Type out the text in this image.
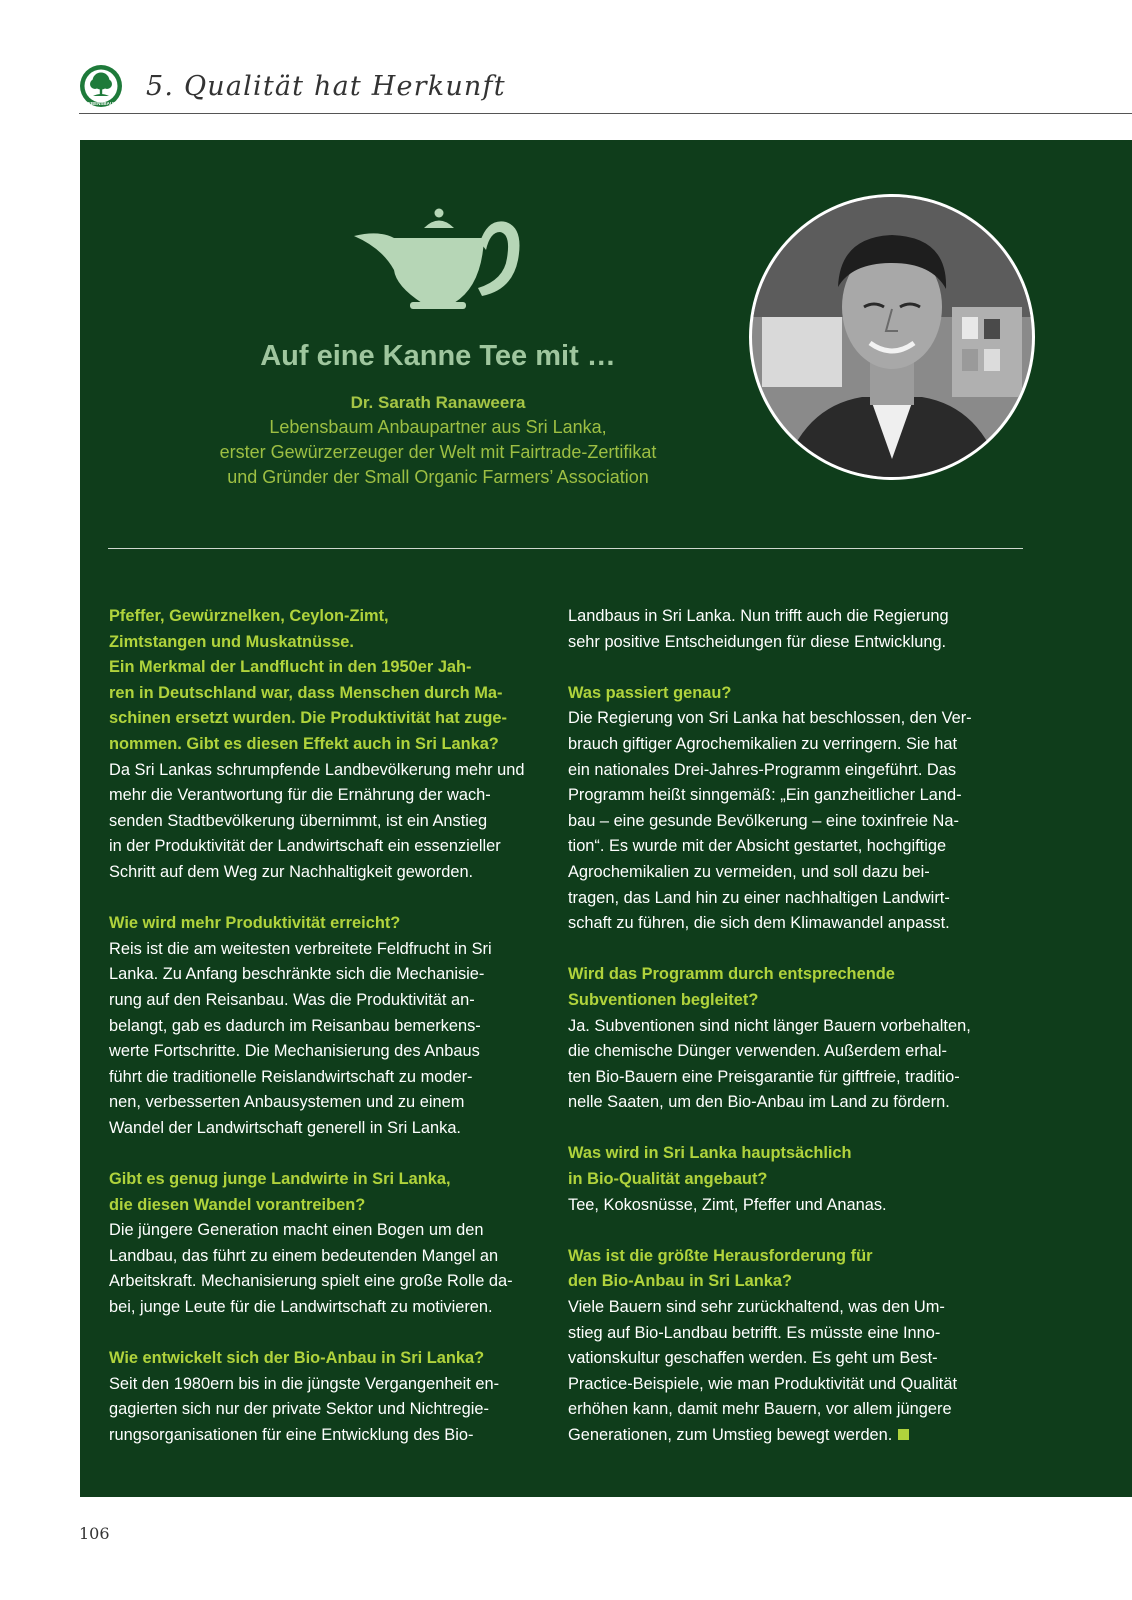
LEBENSBAUM
5. Qualität hat Herkunft
Auf eine Kanne Tee mit …
Dr. Sarath Ranaweera
Lebensbaum Anbaupartner aus Sri Lanka,
erster Gewürzerzeuger der Welt mit Fairtrade-Zertifikat
und Gründer der Small Organic Farmers’ Association

Pfeffer, Gewürznelken, Ceylon-Zimt,
Zimtstangen und Muskatnüsse.
Ein Merkmal der Landflucht in den 1950er Jah-
ren in Deutschland war, dass Menschen durch Ma-
schinen ersetzt wurden. Die Produktivität hat zuge-
nommen. Gibt es diesen Effekt auch in Sri Lanka?

Da Sri Lankas schrumpfende Landbevölkerung mehr und
mehr die Verantwortung für die Ernährung der wach-
senden Stadtbevölkerung übernimmt, ist ein Anstieg
in der Produktivität der Landwirtschaft ein essenzieller
Schritt auf dem Weg zur Nachhaltigkeit geworden.

Wie wird mehr Produktivität erreicht?

Reis ist die am weitesten verbreitete Feldfrucht in Sri
Lanka. Zu Anfang beschränkte sich die Mechanisie-
rung auf den Reisanbau. Was die Produktivität an-
belangt, gab es dadurch im Reisanbau bemerkens-
werte Fortschritte. Die Mechanisierung des Anbaus
führt die traditionelle Reislandwirtschaft zu moder-
nen, verbesserten Anbausystemen und zu einem
Wandel der Landwirtschaft generell in Sri Lanka.

Gibt es genug junge Landwirte in Sri Lanka,
die diesen Wandel vorantreiben?

Die jüngere Generation macht einen Bogen um den
Landbau, das führt zu einem bedeutenden Mangel an
Arbeitskraft. Mechanisierung spielt eine große Rolle da-
bei, junge Leute für die Landwirtschaft zu motivieren.

Wie entwickelt sich der Bio-Anbau in Sri Lanka?

Seit den 1980ern bis in die jüngste Vergangenheit en-
gagierten sich nur der private Sektor und Nichtregie-
rungsorganisationen für eine Entwicklung des Bio-

Landbaus in Sri Lanka. Nun trifft auch die Regierung
sehr positive Entscheidungen für diese Entwicklung.

Was passiert genau?

Die Regierung von Sri Lanka hat beschlossen, den Ver-
brauch giftiger Agrochemikalien zu verringern. Sie hat
ein nationales Drei-Jahres-Programm eingeführt. Das
Programm heißt sinngemäß: „Ein ganzheitlicher Land-
bau – eine gesunde Bevölkerung – eine toxinfreie Na-
tion“. Es wurde mit der Absicht gestartet, hochgiftige
Agrochemikalien zu vermeiden, und soll dazu bei-
tragen, das Land hin zu einer nachhaltigen Landwirt-
schaft zu führen, die sich dem Klimawandel anpasst.

Wird das Programm durch entsprechende
Subventionen begleitet?

Ja. Subventionen sind nicht länger Bauern vorbehalten,
die chemische Dünger verwenden. Außerdem erhal-
ten Bio-Bauern eine Preisgarantie für giftfreie, traditio-
nelle Saaten, um den Bio-Anbau im Land zu fördern.

Was wird in Sri Lanka hauptsächlich
in Bio-Qualität angebaut?

Tee, Kokosnüsse, Zimt, Pfeffer und Ananas.

Was ist die größte Herausforderung für
den Bio-Anbau in Sri Lanka?

Viele Bauern sind sehr zurückhaltend, was den Um-
stieg auf Bio-Landbau betrifft. Es müsste eine Inno-
vationskultur geschaffen werden. Es geht um Best-
Practice-Beispiele, wie man Produktivität und Qualität
erhöhen kann, damit mehr Bauern, vor allem jüngere
Generationen, zum Umstieg bewegt werden.

106
